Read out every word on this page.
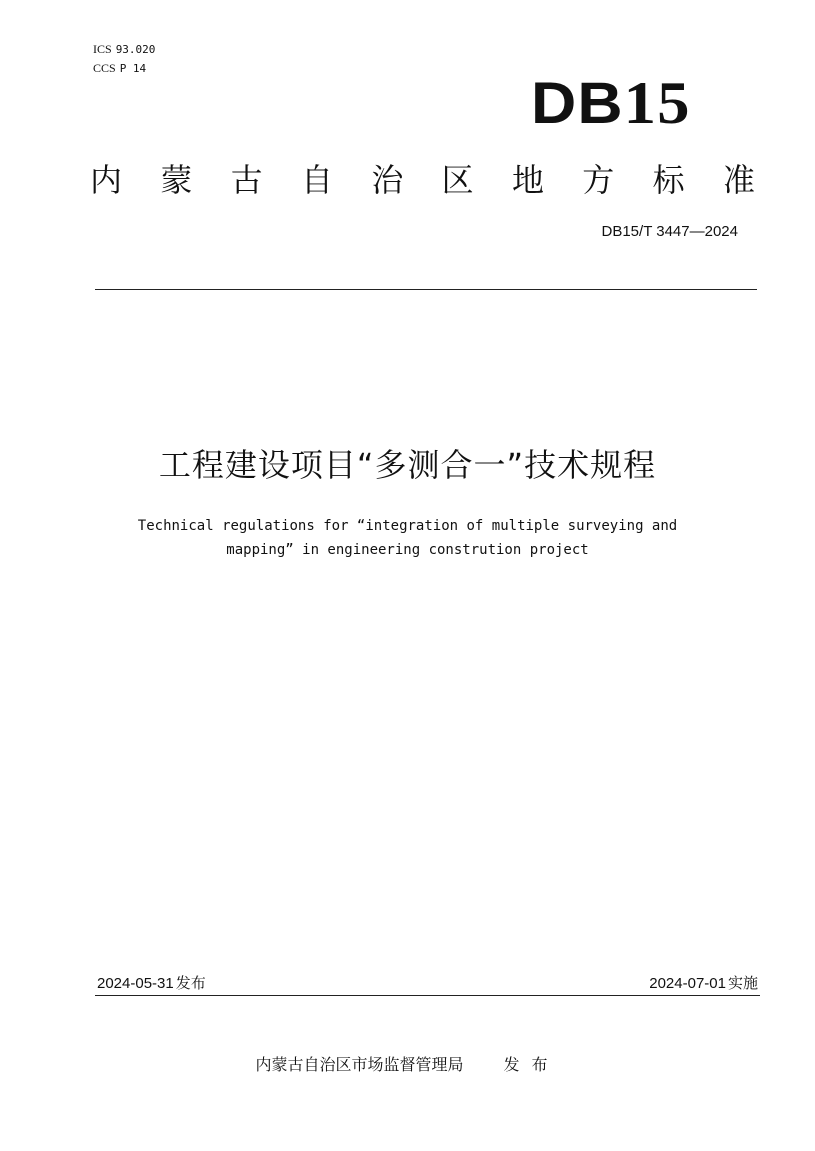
ICS 93.020
CCS P 14
DB15
内 蒙 古 自 治 区 地 方 标 准
DB15/T 3447—2024
工程建设项目“多测合一”技术规程
Technical regulations for “integration of multiple surveying and
mapping” in engineering constrution project
2024-05-31 发布	2024-07-01 实施
内蒙古自治区市场监督管理局	发布
